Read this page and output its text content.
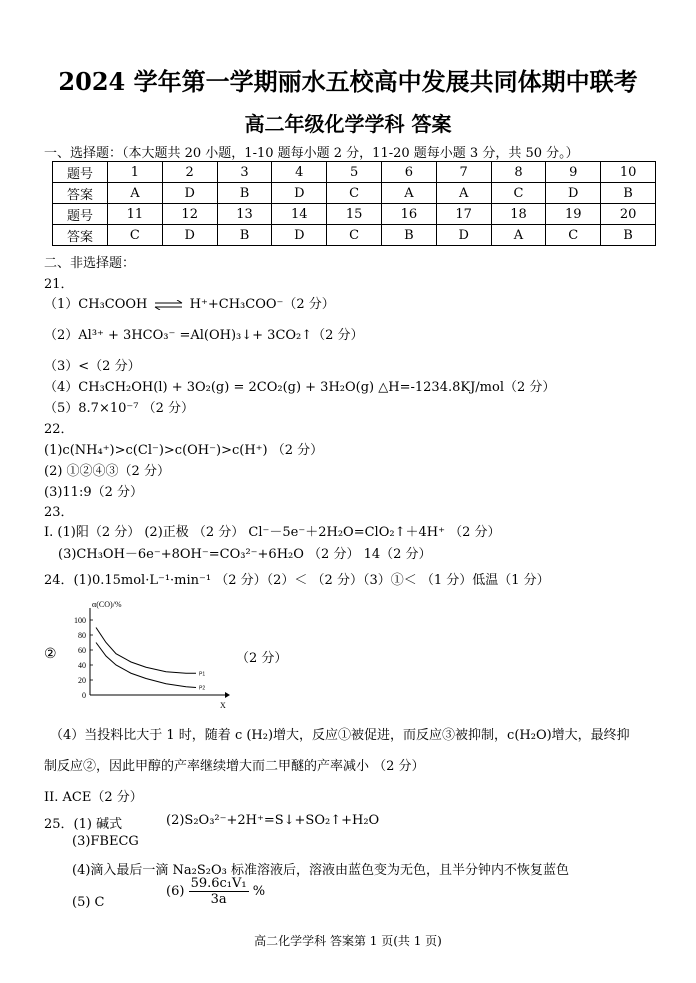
2024 学年第一学期丽水五校高中发展共同体期中联考
高二年级化学学科 答案
一、选择题：（本大题共 20 小题，1-10 题每小题 2 分，11-20 题每小题 3 分，共 50 分。）
题号	1	2	3	4	5	6	7	8	9	10
答案	A	D	B	D	C	A	A	C	D	B
题号	11	12	13	14	15	16	17	18	19	20
答案	C	D	B	D	C	B	D	A	C	B
二、非选择题：
21．
（1）CH₃COOH ⇌ H⁺+CH₃COO⁻（2 分）
（2）Al³⁺ + 3HCO₃⁻ =Al(OH)₃↓+ 3CO₂↑（2 分）
（3）<（2 分）
（4）CH₃CH₂OH(l) + 3O₂(g) = 2CO₂(g) + 3H₂O(g) △H=-1234.8KJ/mol（2 分）
（5）8.7×10⁻⁷ （2 分）
22．
(1)c(NH₄⁺)>c(Cl⁻)>c(OH⁻)>c(H⁺) （2 分）
(2) ①②④③（2 分）
(3)11:9（2 分）
23．
I. (1)阳（2 分） (2)正极 （2 分） Cl⁻－5e⁻＋2H₂O=ClO₂↑＋4H⁺ （2 分）
(3)CH₃OH－6e⁻+8OH⁻=CO₃²⁻+6H₂O （2 分） 14（2 分）
24．(1)0.15mol·L⁻¹·min⁻¹ （2 分）（2）＜ （2 分）（3）①＜ （1 分）低温（1 分）
②	（2 分）
α(CO)/%
X
100
80
60
40
20
0
P1
P2
（4）当投料比大于 1 时，随着 c (H₂)增大，反应①被促进，而反应③被抑制，c(H₂O)增大，最终抑
制反应②，因此甲醇的产率继续增大而二甲醚的产率减小 （2 分）
II. ACE（2 分）
25．(1) 碱式	(2)S₂O₃²⁻+2H⁺=S↓+SO₂↑+H₂O
(3)FBECG
(4)滴入最后一滴 Na₂S₂O₃ 标准溶液后，溶液由蓝色变为无色，且半分钟内不恢复蓝色
(5) C
$(6) \frac{\text{59.6c₁V₁}}{3a}$ %
高二化学学科 答案第 1 页(共 1 页)
